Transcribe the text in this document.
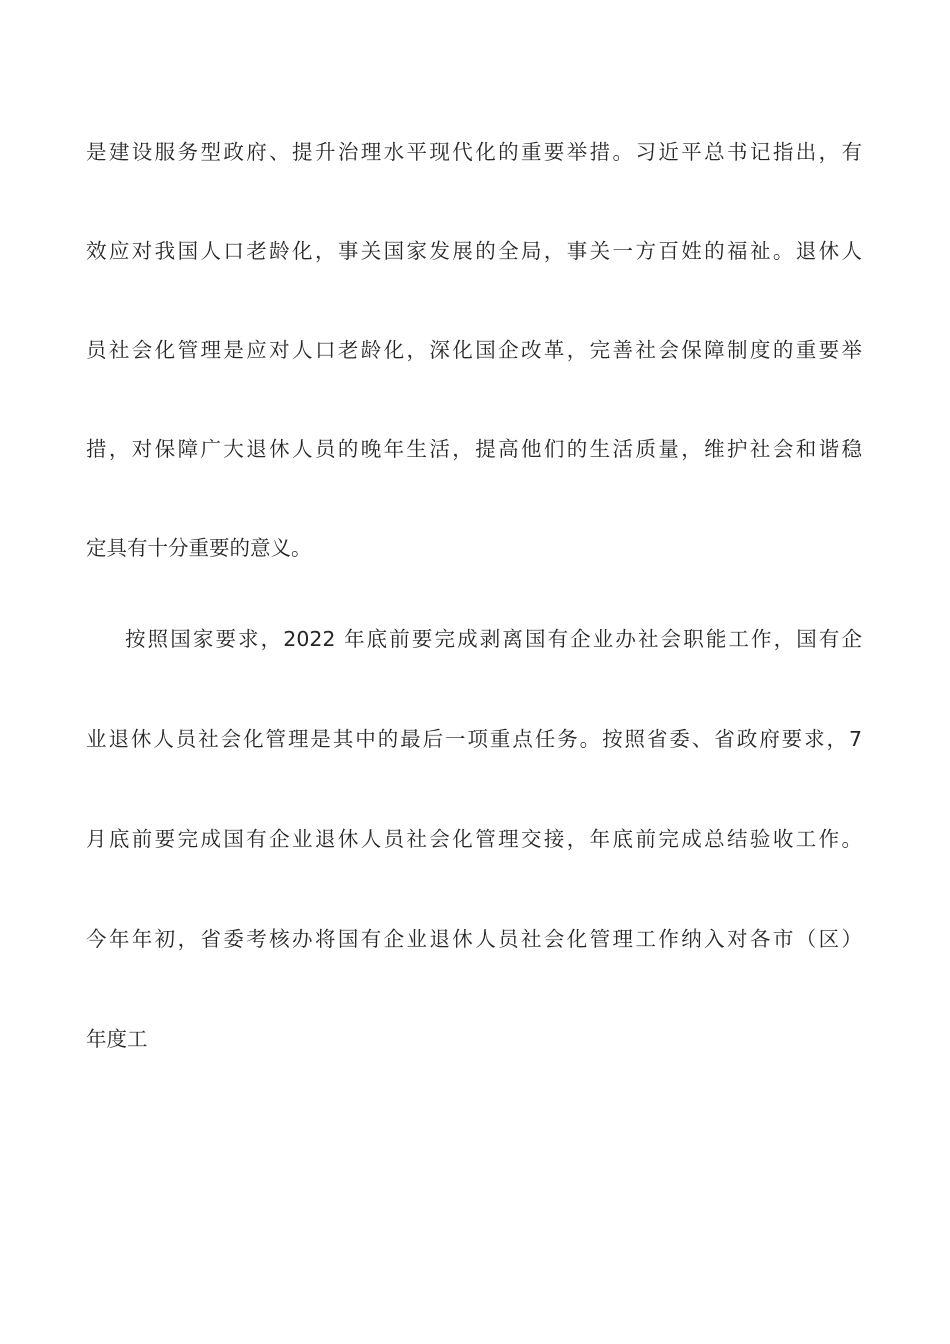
是建设服务型政府、提升治理水平现代化的重要举措。习近平总书记指出，有
效应对我国人口老龄化，事关国家发展的全局，事关一方百姓的福祉。退休人
员社会化管理是应对人口老龄化，深化国企改革，完善社会保障制度的重要举
措，对保障广大退休人员的晚年生活，提高他们的生活质量，维护社会和谐稳
定具有十分重要的意义。
按照国家要求，2022 年底前要完成剥离国有企业办社会职能工作，国有企
业退休人员社会化管理是其中的最后一项重点任务。按照省委、省政府要求，7
月底前要完成国有企业退休人员社会化管理交接，年底前完成总结验收工作。
今年年初，省委考核办将国有企业退休人员社会化管理工作纳入对各市（区）
年度工
